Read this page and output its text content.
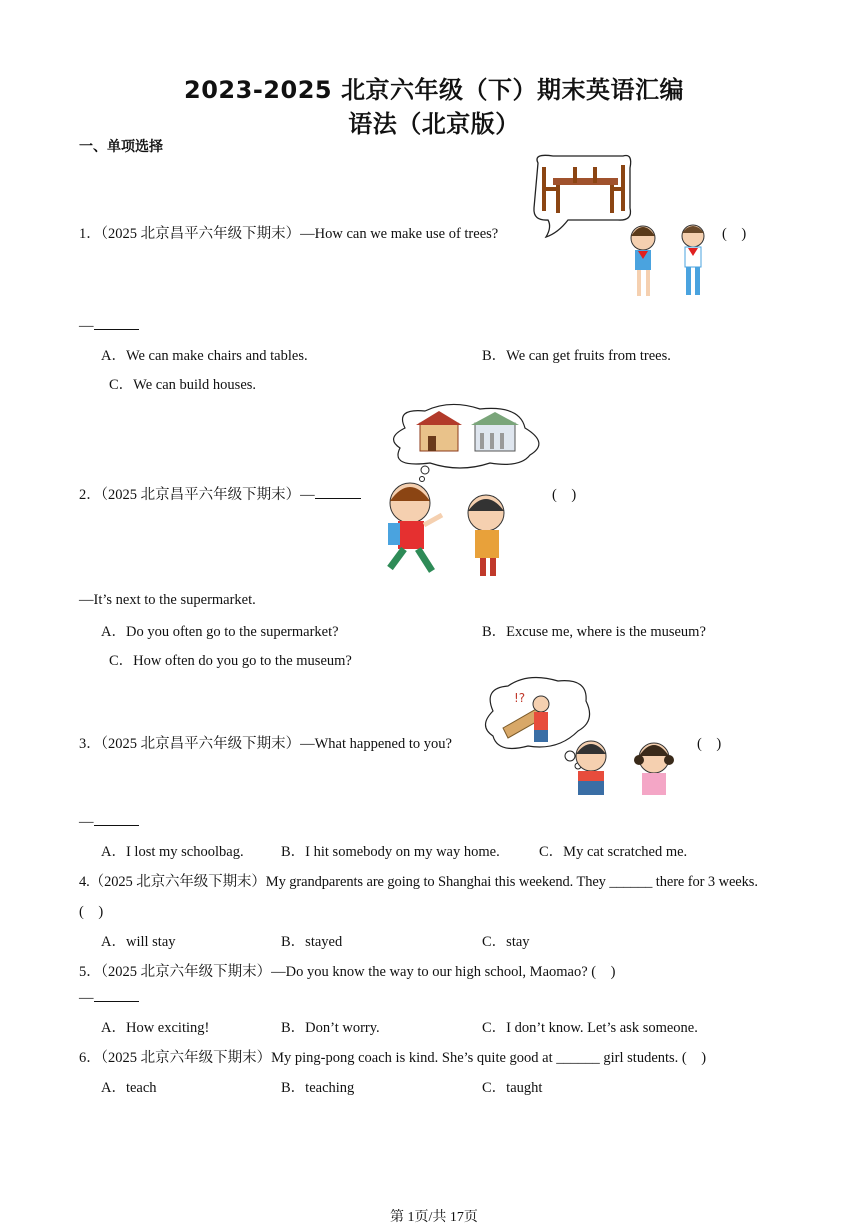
2023-2025 北京六年级（下）期末英语汇编
语法（北京版）
一、单项选择
1．（2025 北京昌平六年级下期末）—How can we make use of trees?	(　)
—
A．We can make chairs and tables.	B．We can get fruits from trees.
C．We can build houses.
2．（2025 北京昌平六年级下期末）—	(　)
—It’s next to the supermarket.
A．Do you often go to the supermarket?	B．Excuse me, where is the museum?
C．How often do you go to the museum?
!?
3．（2025 北京昌平六年级下期末）—What happened to you?	(　)
—
A．I lost my schoolbag.	B．I hit somebody on my way home.	C．My cat scratched me.
4.（2025 北京六年级下期末）My grandparents are going to Shanghai this weekend. They ______ there for 3 weeks.
(　)
A．will stay	B．stayed	C．stay
5．（2025 北京六年级下期末）—Do you know the way to our high school, Maomao? (　)
—
A．How exciting!	B．Don’t worry.	C．I don’t know. Let’s ask someone.
6．（2025 北京六年级下期末）My ping-pong coach is kind. She’s quite good at ______ girl students. (　)
A．teach	B．teaching	C．taught
第 1页/共 17页
